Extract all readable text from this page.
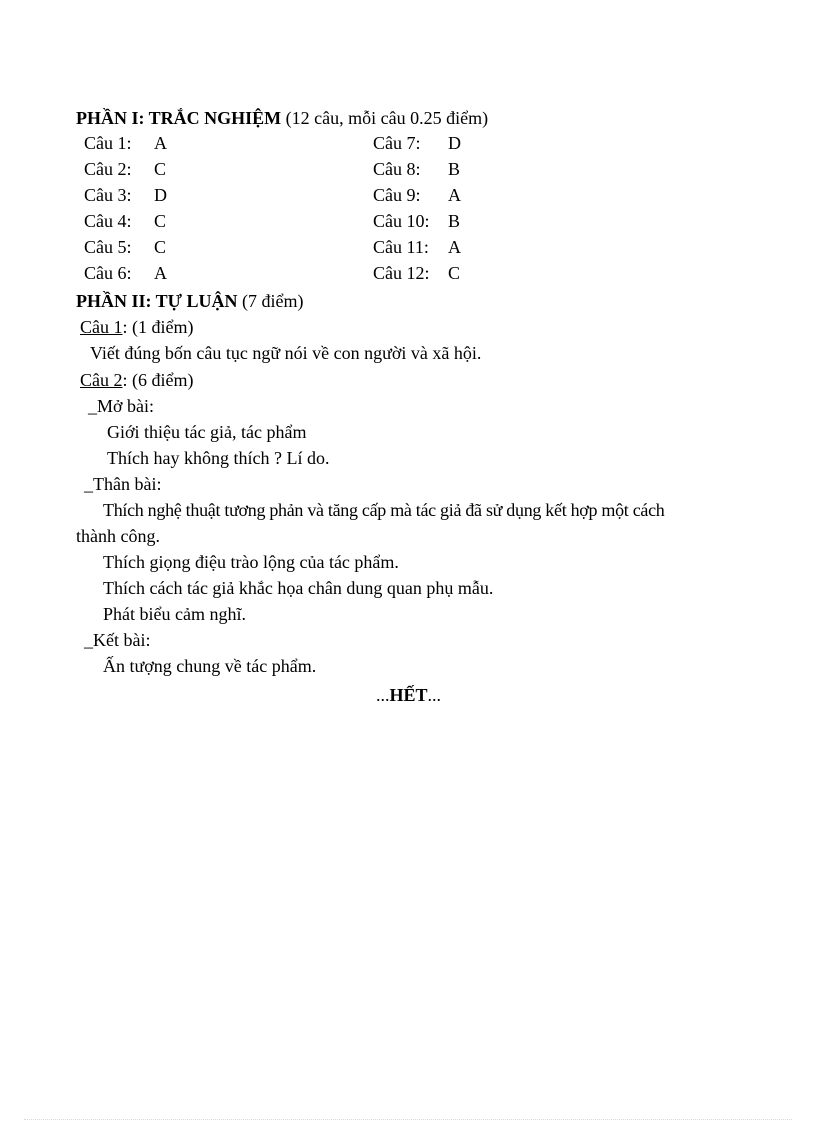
PHẦN I: TRẮC NGHIỆM (12 câu, mỗi câu 0.25 điểm)
Câu 1: A
Câu 2: C
Câu 3: D
Câu 4: C
Câu 5: C
Câu 6: A
Câu 7: D
Câu 8: B
Câu 9: A
Câu 10: B
Câu 11: A
Câu 12: C
PHẦN II: TỰ LUẬN (7 điểm)
Câu 1: (1 điểm)
Viết đúng bốn câu tục ngữ nói về con người và xã hội.
Câu 2: (6 điểm)
_Mở bài:
Giới thiệu tác giả, tác phẩm
Thích hay không thích ? Lí do.
_Thân bài:
Thích nghệ thuật tương phản và tăng cấp mà tác giả đã sử dụng kết hợp một cách
thành công.
Thích giọng điệu trào lộng của tác phẩm.
Thích cách tác giả khắc họa chân dung quan phụ mẫu.
Phát biểu cảm nghĩ.
_Kết bài:
Ấn tượng chung về tác phẩm.
...HẾT...
